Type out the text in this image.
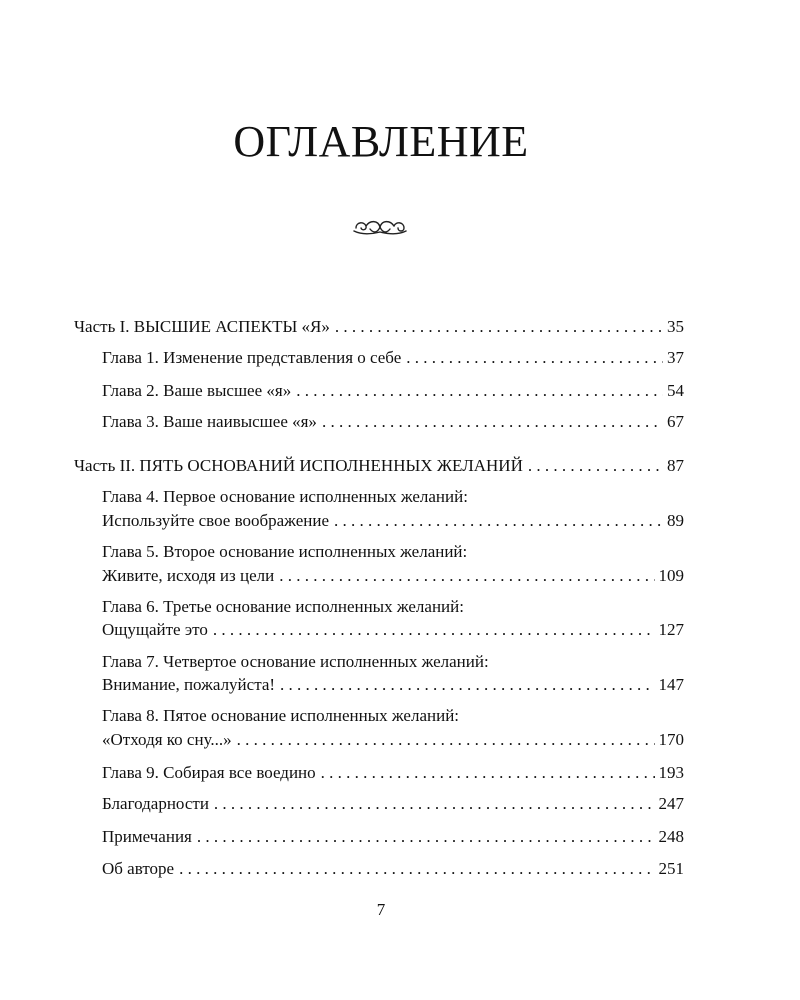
ОГЛАВЛЕНИЕ
Часть I. ВЫСШИЕ АСПЕКТЫ «Я» . . .	35
Глава 1. Изменение представления о себе . . .	37
Глава 2. Ваше высшее «я» . . .	54
Глава 3. Ваше наивысшее «я» . . .	67
Часть II. ПЯТЬ ОСНОВАНИЙ ИСПОЛНЕННЫХ ЖЕЛАНИЙ . . .	87
Глава 4. Первое основание исполненных желаний:
Используйте свое воображение . . .	89
Глава 5. Второе основание исполненных желаний:
Живите, исходя из цели . . .	109
Глава 6. Третье основание исполненных желаний:
Ощущайте это . . .	127
Глава 7. Четвертое основание исполненных желаний:
Внимание, пожалуйста! . . .	147
Глава 8. Пятое основание исполненных желаний:
«Отходя ко сну...» . . .	170
Глава 9. Собирая все воедино . . .	193
Благодарности . . .	247
Примечания . . .	248
Об авторе . . .	251
7
